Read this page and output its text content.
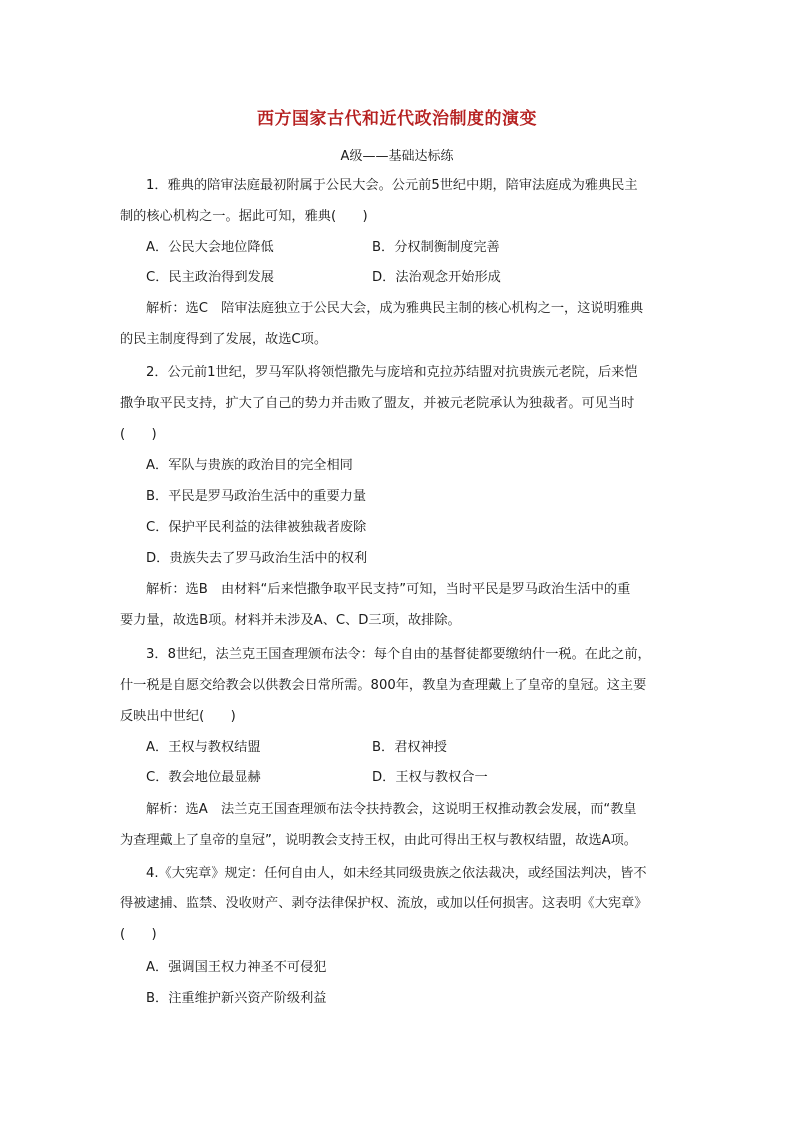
西方国家古代和近代政治制度的演变
A级——基础达标练
1．雅典的陪审法庭最初附属于公民大会。公元前5世纪中期，陪审法庭成为雅典民主
制的核心机构之一。据此可知，雅典(　　)
A．公民大会地位降低	B．分权制衡制度完善
C．民主政治得到发展	D．法治观念开始形成
解析：选C　陪审法庭独立于公民大会，成为雅典民主制的核心机构之一，这说明雅典
的民主制度得到了发展，故选C项。
2．公元前1世纪，罗马军队将领恺撒先与庞培和克拉苏结盟对抗贵族元老院，后来恺
撒争取平民支持，扩大了自己的势力并击败了盟友，并被元老院承认为独裁者。可见当时
(　　)
A．军队与贵族的政治目的完全相同
B．平民是罗马政治生活中的重要力量
C．保护平民利益的法律被独裁者废除
D．贵族失去了罗马政治生活中的权利
解析：选B　由材料“后来恺撒争取平民支持”可知，当时平民是罗马政治生活中的重
要力量，故选B项。材料并未涉及A、C、D三项，故排除。
3．8世纪，法兰克王国查理颁布法令：每个自由的基督徒都要缴纳什一税。在此之前，
什一税是自愿交给教会以供教会日常所需。800年，教皇为查理戴上了皇帝的皇冠。这主要
反映出中世纪(　　)
A．王权与教权结盟	B．君权神授
C．教会地位最显赫	D．王权与教权合一
解析：选A　法兰克王国查理颁布法令扶持教会，这说明王权推动教会发展，而“教皇
为查理戴上了皇帝的皇冠”，说明教会支持王权，由此可得出王权与教权结盟，故选A项。
4.《大宪章》规定：任何自由人，如未经其同级贵族之依法裁决，或经国法判决，皆不
得被逮捕、监禁、没收财产、剥夺法律保护权、流放，或加以任何损害。这表明《大宪章》
(　　)
A．强调国王权力神圣不可侵犯
B．注重维护新兴资产阶级利益
